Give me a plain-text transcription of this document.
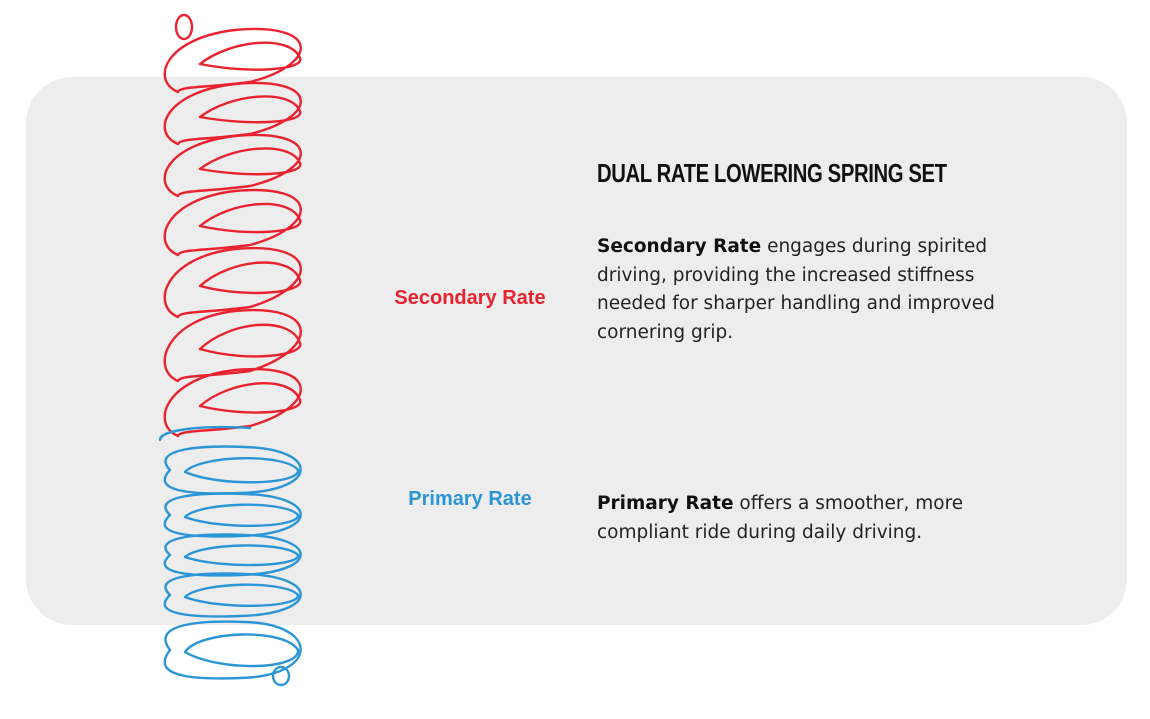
Secondary Rate
Primary Rate
DUAL RATE LOWERING SPRING SET
Secondary Rate engages during spirited driving, providing the increased stiffness needed for sharper handling and improved cornering grip.
Primary Rate offers a smoother, more compliant ride during daily driving.
